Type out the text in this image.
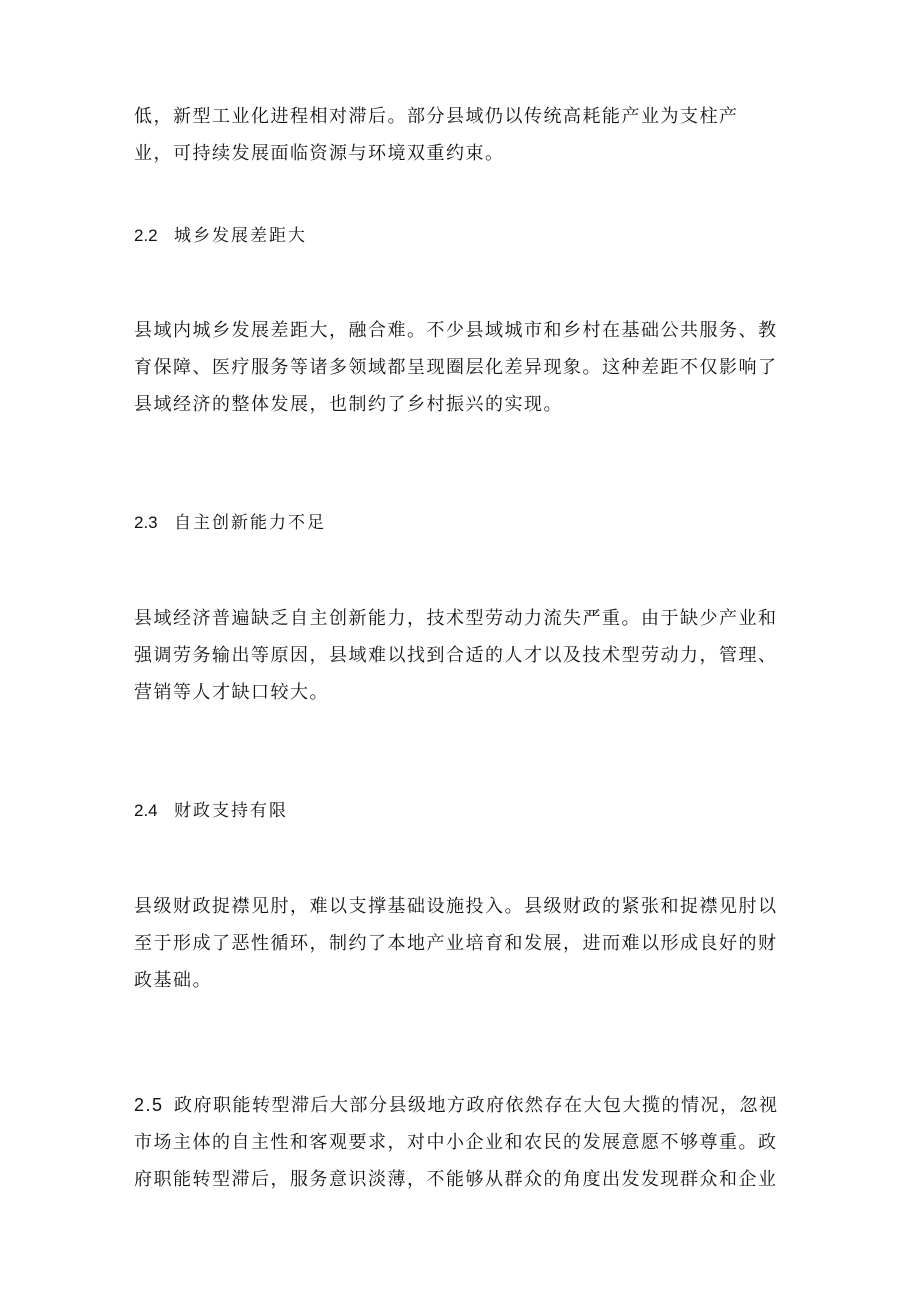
低，新型工业化进程相对滞后。部分县域仍以传统高耗能产业为支柱产
业，可持续发展面临资源与环境双重约束。

2.2 城乡发展差距大

县域内城乡发展差距大，融合难。不少县域城市和乡村在基础公共服务、教
育保障、医疗服务等诸多领域都呈现圈层化差异现象。这种差距不仅影响了
县域经济的整体发展，也制约了乡村振兴的实现。

2.3 自主创新能力不足

县域经济普遍缺乏自主创新能力，技术型劳动力流失严重。由于缺少产业和
强调劳务输出等原因，县域难以找到合适的人才以及技术型劳动力，管理、
营销等人才缺口较大。

2.4 财政支持有限

县级财政捉襟见肘，难以支撑基础设施投入。县级财政的紧张和捉襟见肘以
至于形成了恶性循环，制约了本地产业培育和发展，进而难以形成良好的财
政基础。

2.5 政府职能转型滞后大部分县级地方政府依然存在大包大揽的情况，忽视
市场主体的自主性和客观要求，对中小企业和农民的发展意愿不够尊重。政
府职能转型滞后，服务意识淡薄，不能够从群众的角度出发发现群众和企业
